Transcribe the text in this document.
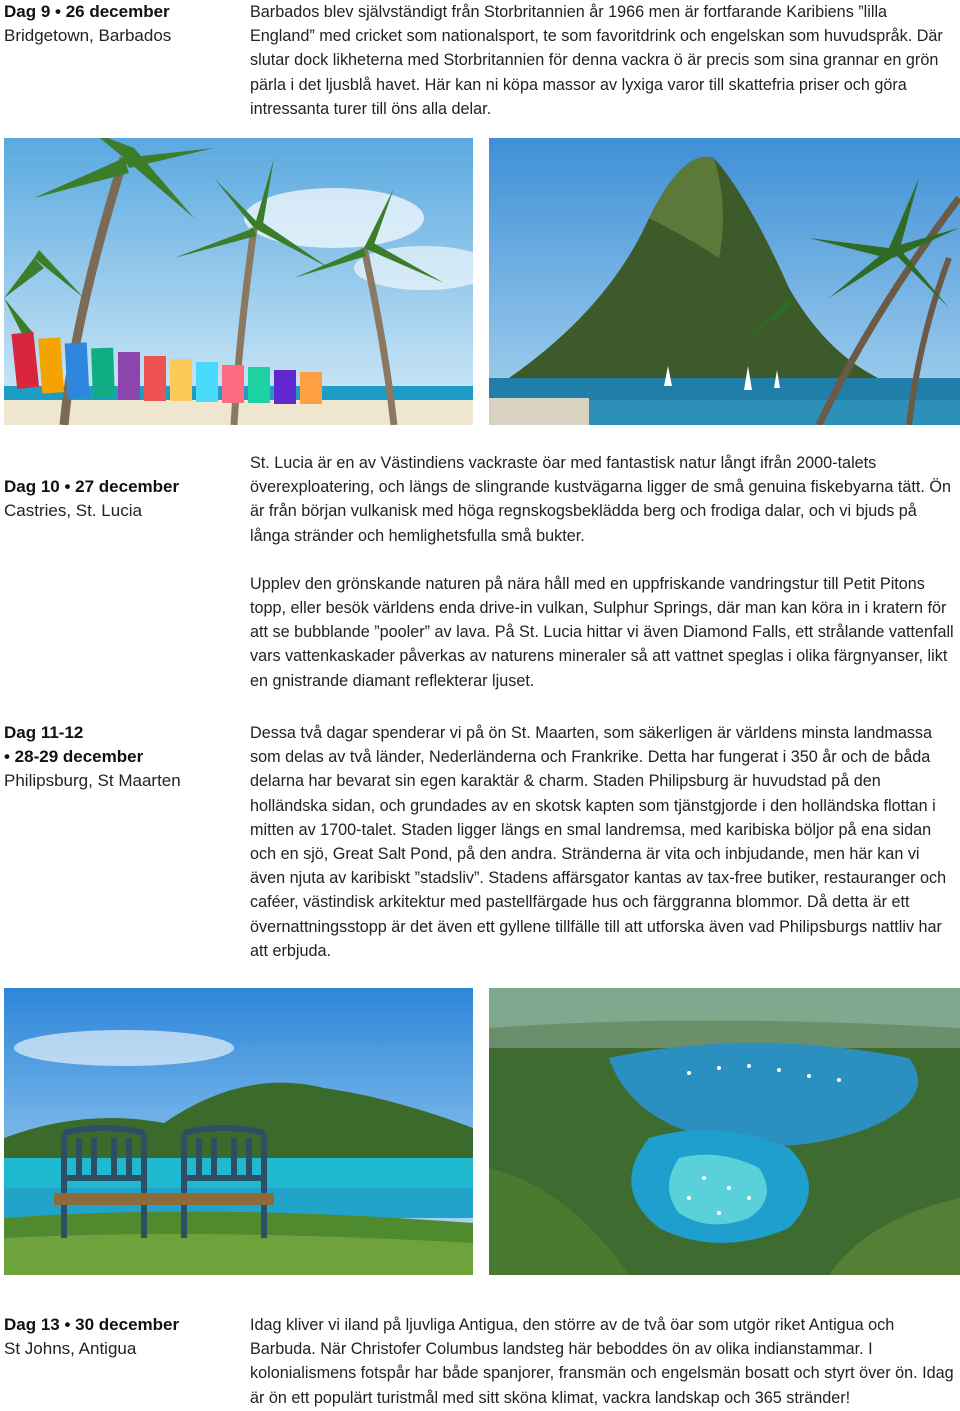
Dag 9 • 26 december
Bridgetown, Barbados

Barbados blev självständigt från Storbritannien år 1966 men är fortfarande Karibiens ”lilla England” med cricket som nationalsport, te som favoritdrink och engelskan som huvudspråk. Där slutar dock likheterna med Storbritannien för denna vackra ö är precis som sina grannar en grön pärla i det ljusblå havet. Här kan ni köpa massor av lyxiga varor till skattefria priser och göra intressanta turer till öns alla delar.

Dag 10 • 27 december
Castries, St. Lucia

St. Lucia är en av Västindiens vackraste öar med fantastisk natur långt ifrån 2000-talets överexploatering, och längs de slingrande kustvägarna ligger de små genuina fiskebyarna tätt. Ön är från början vulkanisk med höga regnskogsbeklädda berg och frodiga dalar, och vi bjuds på långa stränder och hemlighetsfulla små bukter.

Upplev den grönskande naturen på nära håll med en uppfriskande vandringstur till Petit Pitons topp, eller besök världens enda drive-in vulkan, Sulphur Springs, där man kan köra in i kratern för att se bubblande ”pooler” av lava. På St. Lucia hittar vi även Diamond Falls, ett strålande vattenfall vars vattenkaskader påverkas av naturens mineraler så att vattnet speglas i olika färgnyanser, likt en gnistrande diamant reflekterar ljuset.

Dag 11-12
• 28-29 december
Philipsburg, St Maarten

Dessa två dagar spenderar vi på ön St. Maarten, som säkerligen är världens minsta landmassa som delas av två länder, Nederländerna och Frankrike. Detta har fungerat i 350 år och de båda delarna har bevarat sin egen karaktär & charm. Staden Philipsburg är huvudstad på den holländska sidan, och grundades av en skotsk kapten som tjänstgjorde i den holländska flottan i mitten av 1700-talet. Staden ligger längs en smal landremsa, med karibiska böljor på ena sidan och en sjö, Great Salt Pond, på den andra. Stränderna är vita och inbjudande, men här kan vi även njuta av karibiskt ”stadsliv”. Stadens affärsgator kantas av tax-free butiker, restauranger och caféer, västindisk arkitektur med pastellfärgade hus och färggranna blommor. Då detta är ett övernattningsstopp är det även ett gyllene tillfälle till att utforska även vad Philipsburgs nattliv har att erbjuda.

Dag 13 • 30 december
St Johns, Antigua

Idag kliver vi iland på ljuvliga Antigua, den större av de två öar som utgör riket Antigua och Barbuda. När Christofer Columbus landsteg här beboddes ön av olika indianstammar. I kolonialismens fotspår har både spanjorer, fransmän och engelsmän bosatt och styrt över ön. Idag är ön ett populärt turistmål med sitt sköna klimat, vackra landskap och 365 stränder!
